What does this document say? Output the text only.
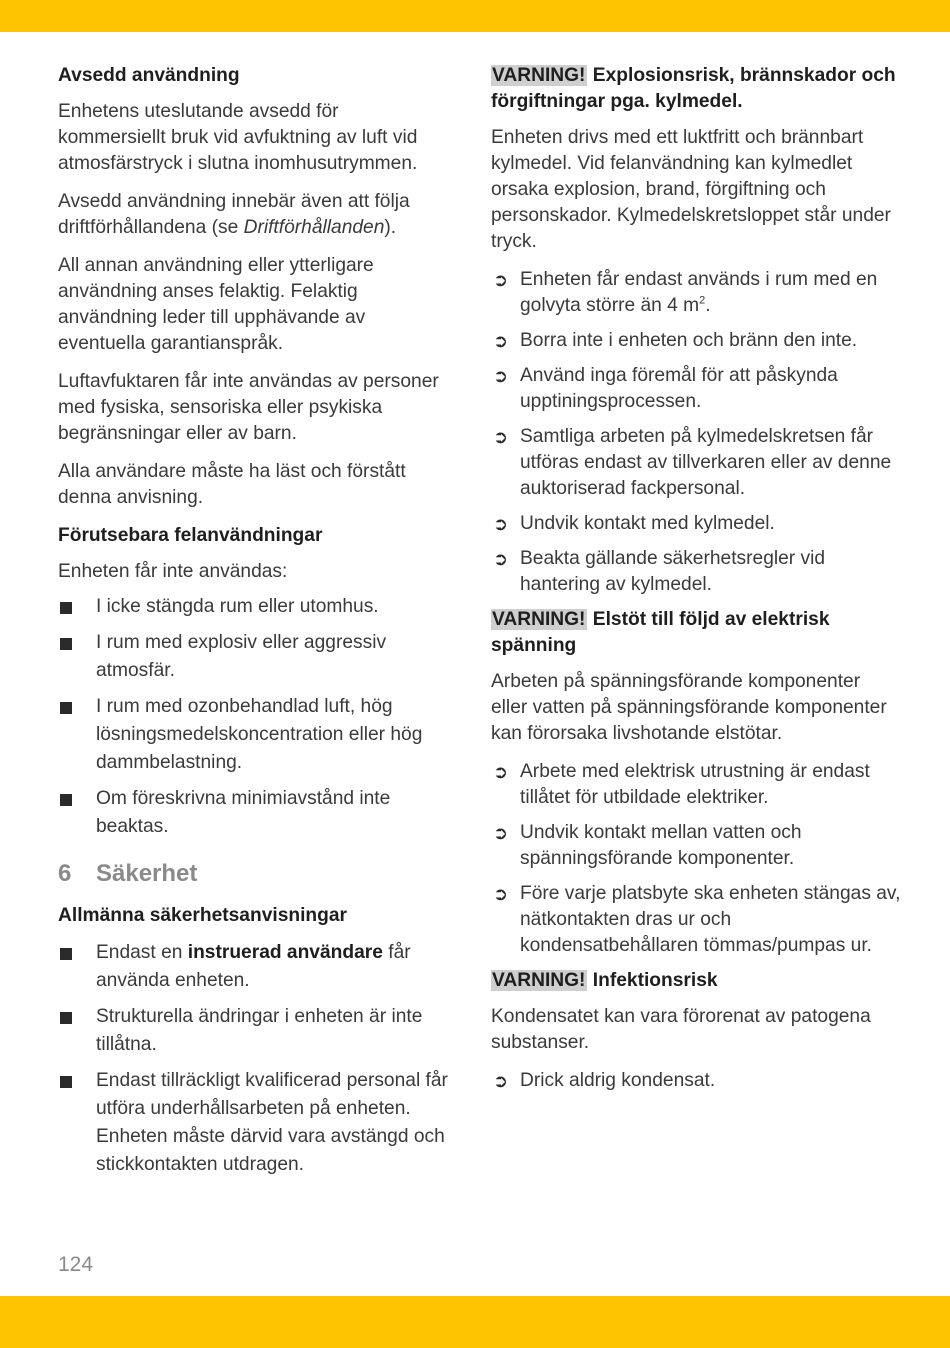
Avsedd användning

Enhetens uteslutande avsedd för kommersiellt bruk vid avfuktning av luft vid atmosfärstryck i slutna inomhusutrymmen.

Avsedd användning innebär även att följa driftförhållandena (se Driftförhållanden).

All annan användning eller ytterligare användning anses felaktig. Felaktig användning leder till upphävande av eventuella garantianspråk.

Luftavfuktaren får inte användas av personer med fysiska, sensoriska eller psykiska begränsningar eller av barn.

Alla användare måste ha läst och förstått denna anvisning.

Förutsebara felanvändningar

Enheten får inte användas:

I icke stängda rum eller utomhus.
I rum med explosiv eller aggressiv atmosfär.
I rum med ozonbehandlad luft, hög lösningsmedelskoncentration eller hög dammbelastning.
Om föreskrivna minimiavstånd inte beaktas.
6 Säkerhet
Allmänna säkerhetsanvisningar
Endast en instruerad användare får använda enheten.
Strukturella ändringar i enheten är inte tillåtna.
Endast tillräckligt kvalificerad personal får utföra underhållsarbeten på enheten. Enheten måste därvid vara avstängd och stickkontakten utdragen.
VARNING! Explosionsrisk, brännskador och förgiftningar pga. kylmedel.

Enheten drivs med ett luktfritt och brännbart kylmedel. Vid felanvändning kan kylmedlet orsaka explosion, brand, förgiftning och personskador. Kylmedelskretsloppet står under tryck.

➲ Enheten får endast används i rum med en golvyta större än 4 $m^2$.
➲ Borra inte i enheten och bränn den inte.
➲ Använd inga föremål för att påskynda upptiningsprocessen.
➲ Samtliga arbeten på kylmedelskretsen får utföras endast av tillverkaren eller av denne auktoriserad fackpersonal.
➲ Undvik kontakt med kylmedel.
➲ Beakta gällande säkerhetsregler vid hantering av kylmedel.
VARNING! Elstöt till följd av elektrisk spänning

Arbeten på spänningsförande komponenter eller vatten på spänningsförande komponenter kan förorsaka livshotande elstötar.

➲ Arbete med elektrisk utrustning är endast tillåtet för utbildade elektriker.
➲ Undvik kontakt mellan vatten och spänningsförande komponenter.
➲ Före varje platsbyte ska enheten stängas av, nätkontakten dras ur och kondensatbehållaren tömmas/pumpas ur.
VARNING! Infektionsrisk

Kondensatet kan vara förorenat av patogena substanser.

➲ Drick aldrig kondensat.
124
